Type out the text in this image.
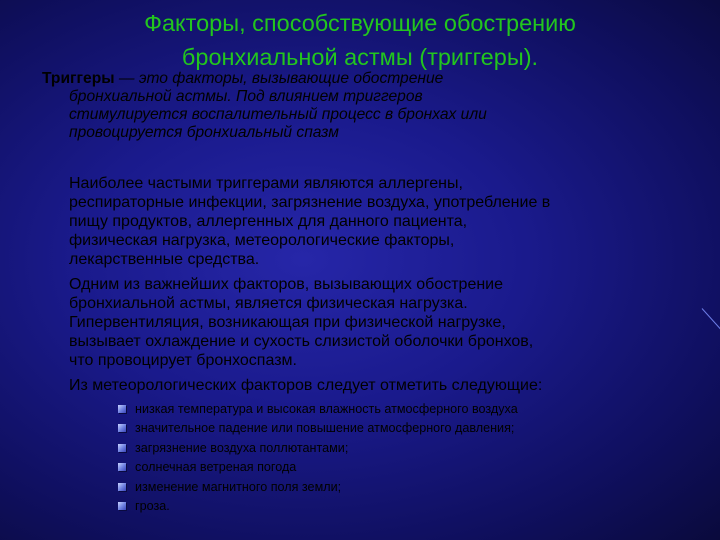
Факторы, способствующие обострению
бронхиальной астмы (триггеры).
Триггеры — это факторы, вызывающие обострение
бронхиальной астмы. Под влиянием триггеров
стимулируется воспалительный процесс в бронхах или
провоцируется бронхиальный спазм
Наиболее частыми триггерами являются аллергены,
респираторные инфекции, загрязнение воздуха, употребление в
пищу продуктов, аллергенных для данного пациента,
физическая нагрузка, метеорологические факторы,
лекарственные средства.
Одним из важнейших факторов, вызывающих обострение
бронхиальной астмы, является физическая нагрузка.
Гипервентиляция, возникающая при физической нагрузке,
вызывает охлаждение и сухость слизистой оболочки бронхов,
что провоцирует бронхоспазм.
Из метеорологических факторов следует отметить следующие:
низкая температура и высокая влажность атмосферного воздуха
значительное падение или повышение атмосферного давления;
загрязнение воздуха поллютантами;
солнечная ветреная погода
изменение магнитного поля земли;
гроза.
